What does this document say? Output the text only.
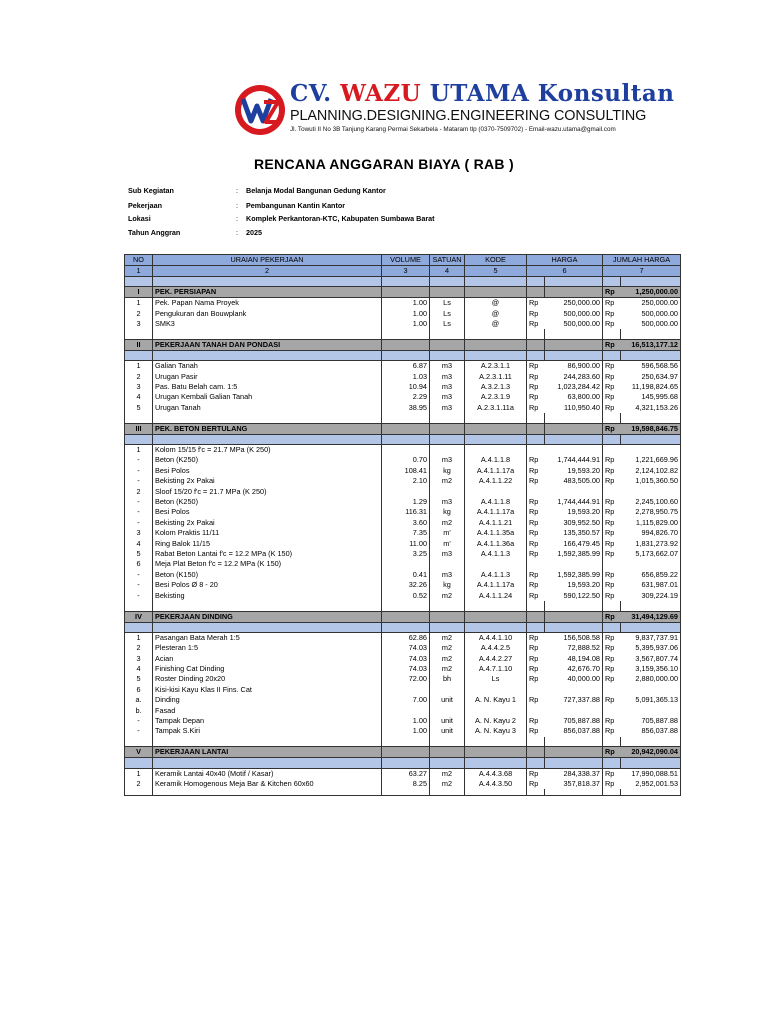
CV. WAZU UTAMA Konsultan
PLANNING.DESIGNING.ENGINEERING CONSULTING
Jl. Towuti II No 3B Tanjung Karang Permai Sekarbela - Mataram tlp (0370-7509702) - Email-wazu.utama@gmail.com
RENCANA ANGGARAN BIAYA ( RAB )
Sub Kegiatan	: Belanja Modal Bangunan Gedung Kantor
Pekerjaan	: Pembangunan Kantin Kantor
Lokasi	: Komplek Perkantoran-KTC, Kabupaten Sumbawa Barat
Tahun Anggran	: 2025
NO	URAIAN PEKERJAAN	VOLUME	SATUAN	KODE	HARGA		JUMLAH HARGA	
1	2	3	4	5	6		7	

I	PEK. PERSIAPAN						Rp	1,250,000.00
1	Pek. Papan Nama Proyek	1.00	Ls	@	Rp	250,000.00	Rp	250,000.00
2	Pengukuran dan Bouwplank	1.00	Ls	@	Rp	500,000.00	Rp	500,000.00
3	SMK3	1.00	Ls	@	Rp	500,000.00	Rp	500,000.00

II	PEKERJAAN TANAH DAN PONDASI						Rp	16,513,177.12

1	Galian Tanah	6.87	m3	A.2.3.1.1	Rp	86,900.00	Rp	596,568.56
2	Urugan Pasir	1.03	m3	A.2.3.1.11	Rp	244,283.60	Rp	250,634.97
3	Pas. Batu Belah cam. 1:5	10.94	m3	A.3.2.1.3	Rp	1,023,284.42	Rp	11,198,824.65
4	Urugan Kembali Galian Tanah	2.29	m3	A.2.3.1.9	Rp	63,800.00	Rp	145,995.68
5	Urugan Tanah	38.95	m3	A.2.3.1.11a	Rp	110,950.40	Rp	4,321,153.26

III	PEK. BETON BERTULANG						Rp	19,598,846.75

1	Kolom 15/15 f'c = 21.7 MPa (K 250)							
-	Beton (K250)	0.70	m3	A.4.1.1.8	Rp	1,744,444.91	Rp	1,221,669.96
-	Besi Polos	108.41	kg	A.4.1.1.17a	Rp	19,593.20	Rp	2,124,102.82
-	Bekisting 2x Pakai	2.10	m2	A.4.1.1.22	Rp	483,505.00	Rp	1,015,360.50
2	Sloof 15/20 f'c = 21.7 MPa (K 250)							
-	Beton (K250)	1.29	m3	A.4.1.1.8	Rp	1,744,444.91	Rp	2,245,100.60
-	Besi Polos	116.31	kg	A.4.1.1.17a	Rp	19,593.20	Rp	2,278,950.75
-	Bekisting 2x Pakai	3.60	m2	A.4.1.1.21	Rp	309,952.50	Rp	1,115,829.00
3	Kolom Praktis 11/11	7.35	m'	A.4.1.1.35a	Rp	135,350.57	Rp	994,826.70
4	Ring Balok 11/15	11.00	m'	A.4.1.1.36a	Rp	166,479.45	Rp	1,831,273.92
5	Rabat Beton Lantai f'c = 12.2 MPa (K 150)	3.25	m3	A.4.1.1.3	Rp	1,592,385.99	Rp	5,173,662.07
6	Meja Plat Beton f'c = 12.2 MPa (K 150)							
-	Beton (K150)	0.41	m3	A.4.1.1.3	Rp	1,592,385.99	Rp	656,859.22
-	Besi Polos Ø 8 - 20	32.26	kg	A.4.1.1.17a	Rp	19,593.20	Rp	631,987.01
-	Bekisting	0.52	m2	A.4.1.1.24	Rp	590,122.50	Rp	309,224.19

IV	PEKERJAAN DINDING						Rp	31,494,129.69

1	Pasangan Bata Merah 1:5	62.86	m2	A.4.4.1.10	Rp	156,508.58	Rp	9,837,737.91
2	Plesteran 1:5	74.03	m2	A.4.4.2.5	Rp	72,888.52	Rp	5,395,937.06
3	Acian	74.03	m2	A.4.4.2.27	Rp	48,194.08	Rp	3,567,807.74
4	Finishing Cat Dinding	74.03	m2	A.4.7.1.10	Rp	42,676.70	Rp	3,159,356.10
5	Roster Dinding 20x20	72.00	bh	Ls	Rp	40,000.00	Rp	2,880,000.00
6	Kisi-kisi Kayu Klas II Fins. Cat							
a.	Dinding	7.00	unit	A. N. Kayu 1	Rp	727,337.88	Rp	5,091,365.13
b.	Fasad							
-	Tampak Depan	1.00	unit	A. N. Kayu 2	Rp	705,887.88	Rp	705,887.88
-	Tampak S.Kiri	1.00	unit	A. N. Kayu 3	Rp	856,037.88	Rp	856,037.88

V	PEKERJAAN LANTAI						Rp	20,942,090.04

1	Keramik Lantai 40x40 (Motif / Kasar)	63.27	m2	A.4.4.3.68	Rp	284,338.37	Rp	17,990,088.51
2	Keramik Homogenous Meja Bar & Kitchen 60x60	8.25	m2	A.4.4.3.50	Rp	357,818.37	Rp	2,952,001.53
